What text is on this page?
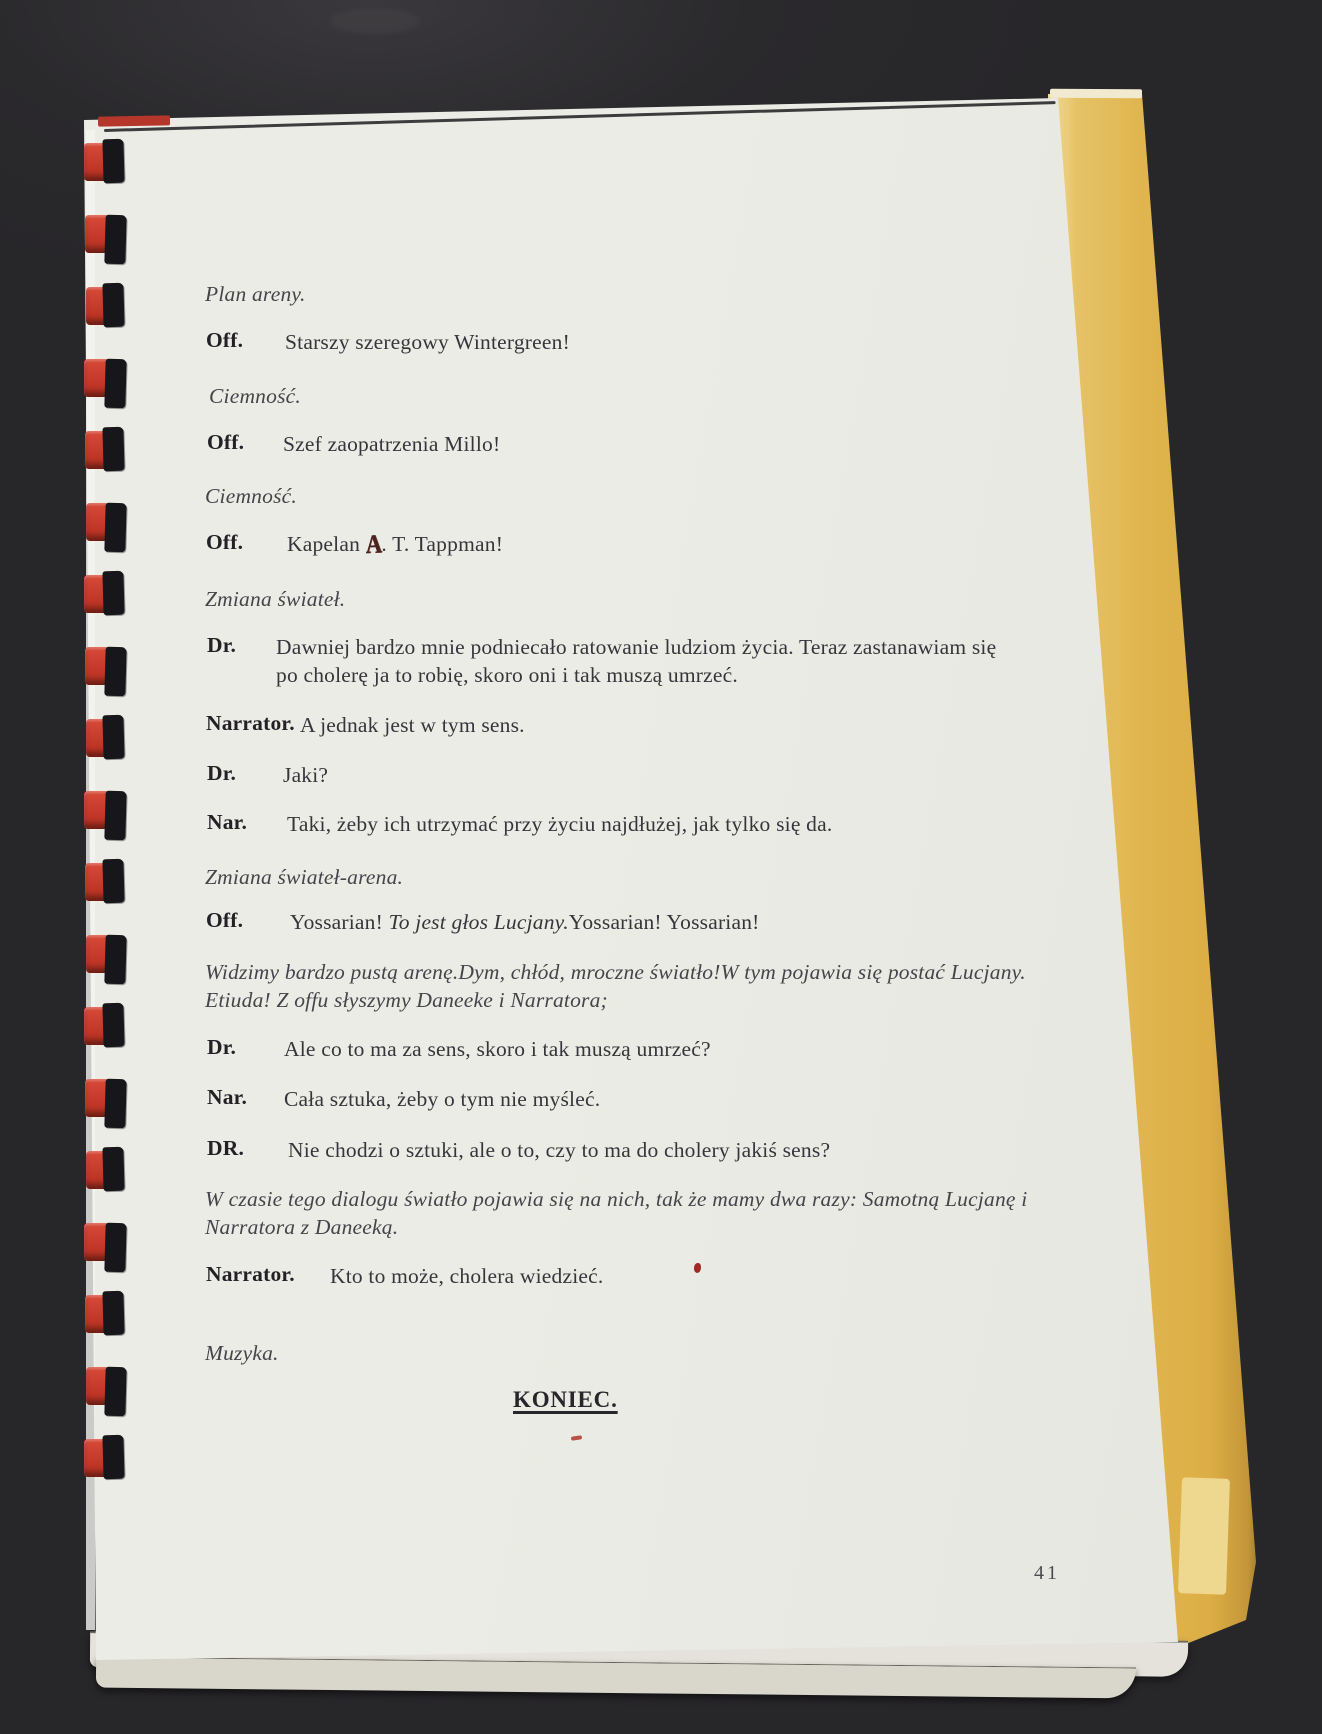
41
Plan areny.
Off. Starszy szeregowy Wintergreen!
Ciemność.
Off. Szef zaopatrzenia Millo!
Ciemność.
Off. Kapelan A. T. Tappman!
Zmiana świateł.
Dr. Dawniej bardzo mnie podniecało ratowanie ludziom życia. Teraz zastanawiam się
po cholerę ja to robię, skoro oni i tak muszą umrzeć.
Narrator. A jednak jest w tym sens.
Dr. Jaki?
Nar. Taki, żeby ich utrzymać przy życiu najdłużej, jak tylko się da.
Zmiana świateł-arena.
Off. Yossarian! To jest głos Lucjany.Yossarian! Yossarian!
Widzimy bardzo pustą arenę.Dym, chłód, mroczne światło!W tym pojawia się postać Lucjany.
Etiuda! Z offu słyszymy Daneeke i Narratora;
Dr. Ale co to ma za sens, skoro i tak muszą umrzeć?
Nar. Cała sztuka, żeby o tym nie myśleć.
DR. Nie chodzi o sztuki, ale o to, czy to ma do cholery jakiś sens?
W czasie tego dialogu światło pojawia się na nich, tak że mamy dwa razy: Samotną Lucjanę i
Narratora z Daneeką.
Narrator. Kto to może, cholera wiedzieć.
Muzyka.
KONIEC.
